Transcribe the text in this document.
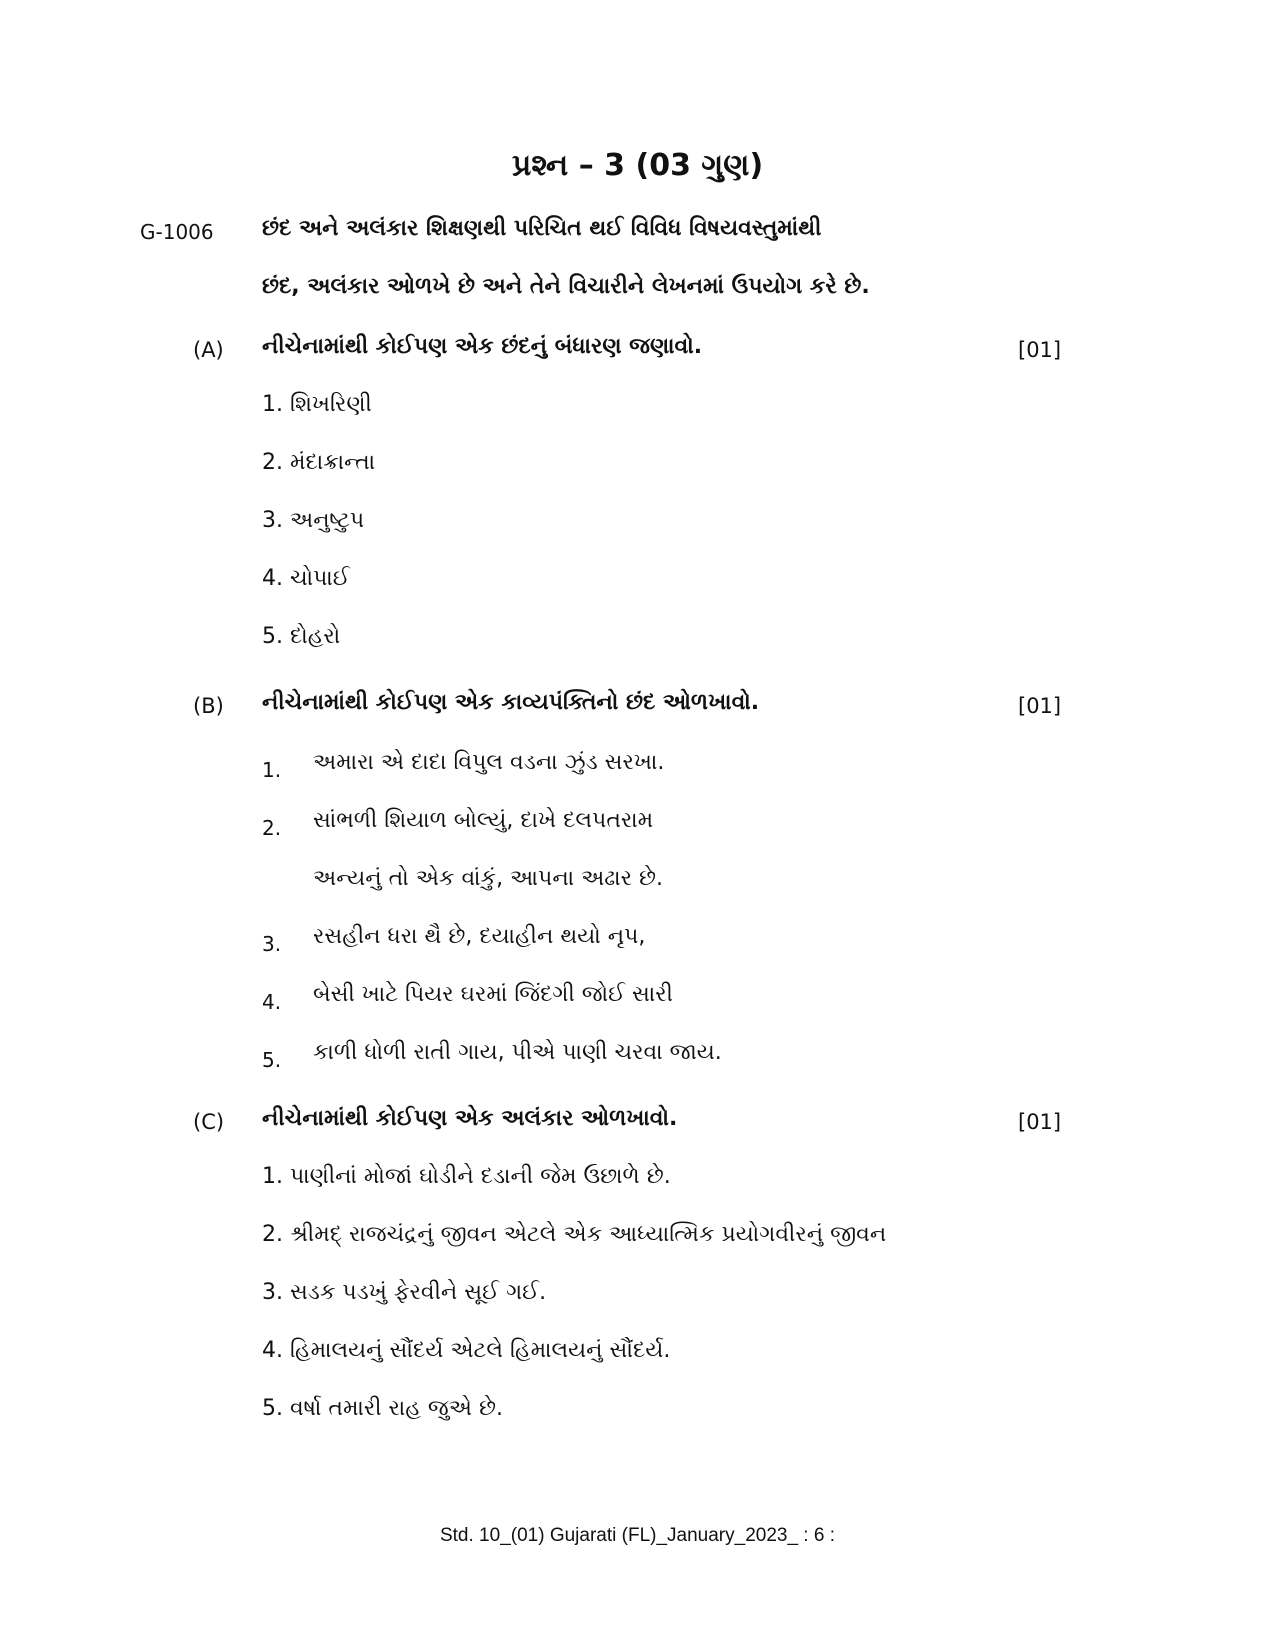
પ્રશ્ન – 3 (03 ગુણ)
G-1006 છંદ અને અલંકાર શિક્ષણથી પરિચિત થઈ વિવિધ વિષયવસ્તુમાંથી
છંદ, અલંકાર ઓળખે છે અને તેને વિચારીને લેખનમાં ઉપયોગ કરે છે.
(A) નીચેનામાંથી કોઈપણ એક છંદનું બંધારણ જણાવો.	[01]
1. શિખરિણી
2. મંદાક્રાન્તા
3. અનુષ્ટુપ
4. ચોપાઈ
5. દોહરો
(B) નીચેનામાંથી કોઈપણ એક કાવ્યપંક્તિનો છંદ ઓળખાવો.	[01]
1. અમારા એ દાદા વિપુલ વડના ઝુંડ સરખા.
2. સાંભળી શિયાળ બોલ્યું, દાખે દલપતરામ
અન્યનું તો એક વાંકું, આપના અઢાર છે.
3. રસહીન ધરા થૈ છે, દયાહીન થયો નૃપ,
4. બેસી ખાટે પિયર ઘરમાં જિંદગી જોઈ સારી
5. કાળી ધોળી રાતી ગાય, પીએ પાણી ચરવા જાય.
(C) નીચેનામાંથી કોઈપણ એક અલંકાર ઓળખાવો.	[01]
1. પાણીનાં મોજાં ઘોડીને દડાની જેમ ઉછાળે છે.
2. શ્રીમદ્ રાજચંદ્રનું જીવન એટલે એક આધ્યાત્મિક પ્રયોગવીરનું જીવન
3. સડક પડખું ફેરવીને સૂઈ ગઈ.
4. હિમાલયનું સૌંદર્ય એટલે હિમાલયનું સૌંદર્ય.
5. વર્ષા તમારી રાહ જુએ છે.
Std. 10_(01) Gujarati (FL)_January_2023_ : 6 :
